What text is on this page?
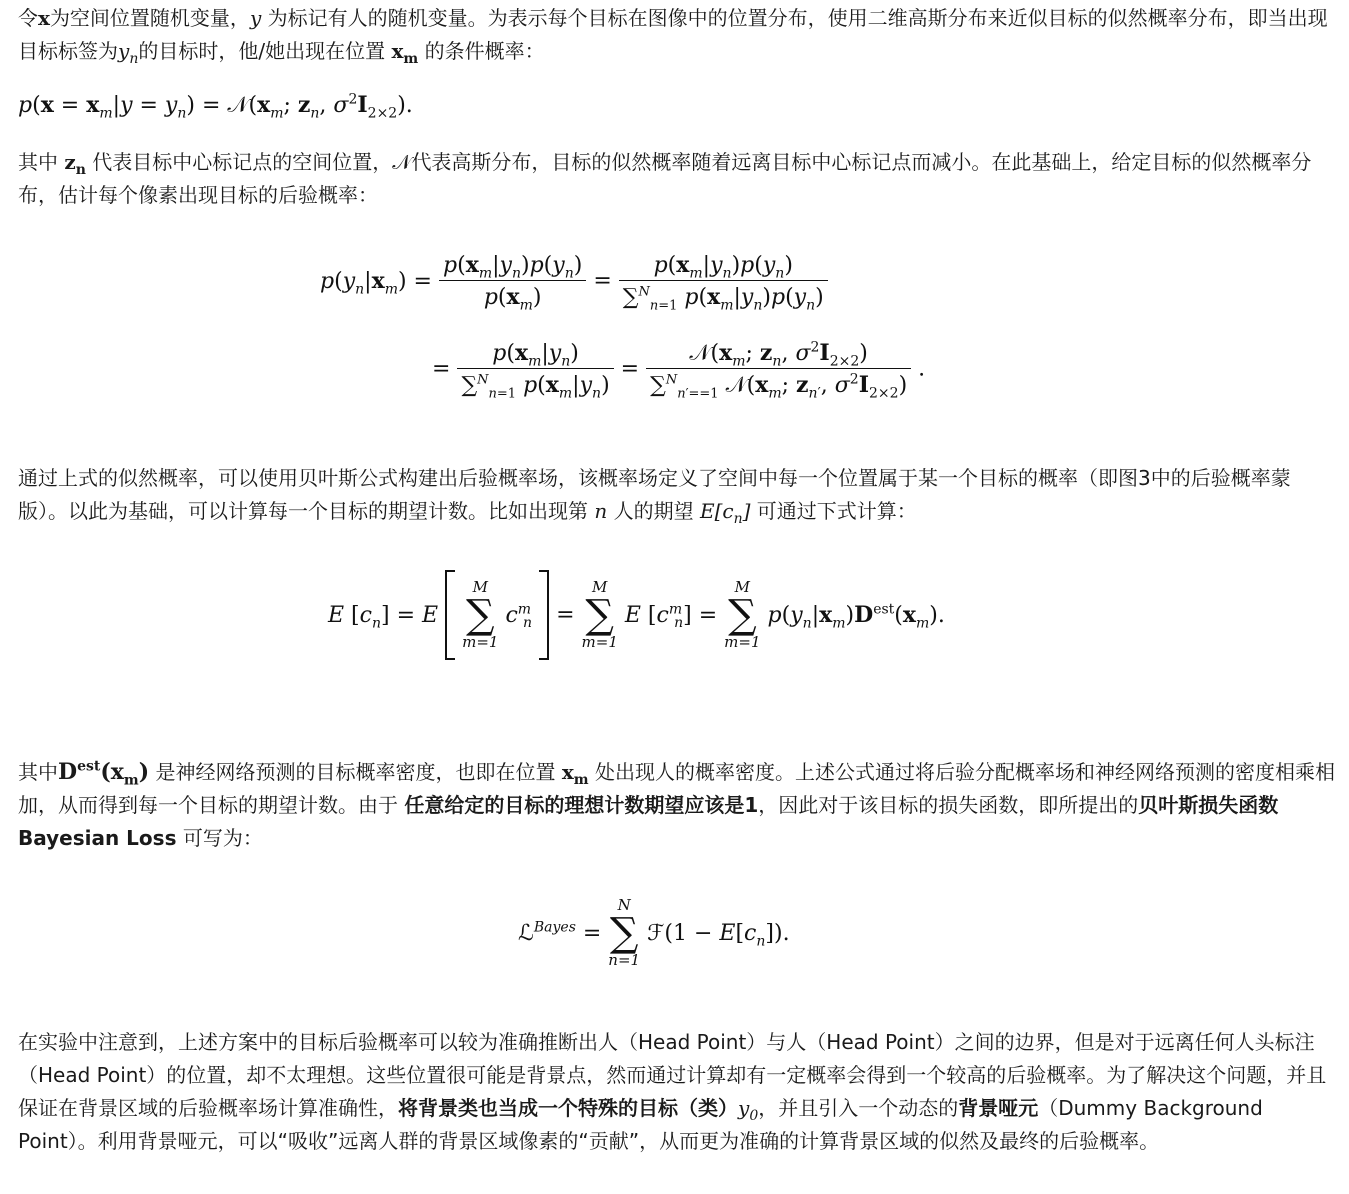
令x为空间位置随机变量，y 为标记有人的随机变量。为表示每个目标在图像中的位置分布，使用二维高斯分布来近似目标的似然概率分布，即当出现 目标标签为$y_n$的目标时，他/她出现在位置 $x_m$ 的条件概率：

$p(x = x_m|y = y_n)$ = $𝒩(x_m$; $z_n$, $\sigma^2I_{2\times 2}$).

其中 $z_n$ 代表目标中心标记点的空间位置，𝒩代表高斯分布，目标的似然概率随着远离目标中心标记点而减小。在此基础上，给定目标的似然概率分布，估计每个像素出现目标的后验概率：

$p(y_n|x_m) = \frac{p(x_m|y_n)p(y_n)}{p(x_m)} = \frac{p(x_m|y_n)p(y_n)}{\sum^N_{n=1} p(x_m|y_n)p(y_n)}$
= $\frac{p(x_m|y_n)}{\sum^N_{n=1} p(x_m|y_n)} = \frac{𝒩(x_m; z_n, \sigma^2I_{2\times 2})}{\sum^N_{n'==1} 𝒩(x_m; z_{n'}, \sigma^2I_{2\times 2})}$ .

通过上式的似然概率，可以使用贝叶斯公式构建出后验概率场，该概率场定义了空间中每一个位置属于某一个目标的概率（即图3中的后验概率蒙版）。以此为基础，可以计算每一个目标的期望计数。比如出现第 n 人的期望 $E[c_n]$ 可通过下式计算：

E $[c_n] = E$
M
∑
m=1
$c^m_n$  =
M
∑
m=1
E $[c^m_n]$ =
M
∑
m=1
$p(y_n|x_m)D^{est}(x_m)$.

其中$D^{est}(x_m)$ 是神经网络预测的目标概率密度，也即在位置 $x_m$ 处出现人的概率密度。上述公式通过将后验分配概率场和神经网络预测的密度相乘相加，从而得到每一个目标的期望计数。由于 任意给定的目标的理想计数期望应该是1，因此对于该目标的损失函数，即所提出的贝叶斯损失函数 Bayesian Loss 可写为：

ℒ$^{Bayes}$ =
N
∑
n=1
ℱ(1 − $E[c_n]$).

在实验中注意到，上述方案中的目标后验概率可以较为准确推断出人（Head Point）与人（Head Point）之间的边界，但是对于远离任何人头标注（Head Point）的位置，却不太理想。这些位置很可能是背景点，然而通过计算却有一定概率会得到一个较高的后验概率。为了解决这个问题，并且保证在背景区域的后验概率场计算准确性，将背景类也当成一个特殊的目标（类）$y_0$，并且引入一个动态的背景哑元（Dummy Background Point）。利用背景哑元，可以“吸收”远离人群的背景区域像素的“贡献”，从而更为准确的计算背景区域的似然及最终的后验概率。
